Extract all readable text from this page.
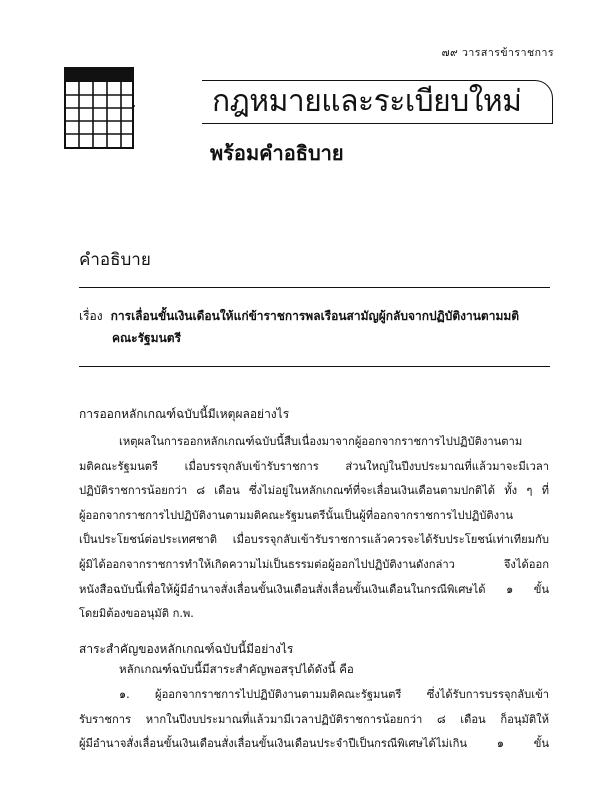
๗๙ วารสารข้าราชการ
กฎหมายและระเบียบใหม่
พร้อมคำอธิบาย
คำอธิบาย
เรื่อง การเลื่อนขั้นเงินเดือนให้แก่ข้าราชการพลเรือนสามัญผู้กลับจากปฏิบัติงานตามมติ
คณะรัฐมนตรี
การออกหลักเกณฑ์ฉบับนี้มีเหตุผลอย่างไร
เหตุผลในการออกหลักเกณฑ์ฉบับนี้สืบเนื่องมาจากผู้ออกจากราชการไปปฏิบัติงานตาม
มติคณะรัฐมนตรี เมื่อบรรจุกลับเข้ารับราชการ ส่วนใหญ่ในปีงบประมาณที่แล้วมาจะมีเวลา
ปฏิบัติราชการน้อยกว่า ๘ เดือน ซึ่งไม่อยู่ในหลักเกณฑ์ที่จะเลื่อนเงินเดือนตามปกติได้ ทั้ง ๆ ที่
ผู้ออกจากราชการไปปฏิบัติงานตามมติคณะรัฐมนตรีนั้นเป็นผู้ที่ออกจากราชการไปปฏิบัติงาน
เป็นประโยชน์ต่อประเทศชาติ เมื่อบรรจุกลับเข้ารับราชการแล้วควรจะได้รับประโยชน์เท่าเทียมกับ
ผู้มิได้ออกจากราชการทำให้เกิดความไม่เป็นธรรมต่อผู้ออกไปปฏิบัติงานดังกล่าว จึงได้ออก
หนังสือฉบับนี้เพื่อให้ผู้มีอำนาจสั่งเลื่อนขั้นเงินเดือนสั่งเลื่อนขั้นเงินเดือนในกรณีพิเศษได้ ๑ ขั้น
โดยมิต้องขออนุมัติ ก.พ.
สาระสำคัญของหลักเกณฑ์ฉบับนี้มีอย่างไร
หลักเกณฑ์ฉบับนี้มีสาระสำคัญพอสรุปได้ดังนี้ คือ
๑. ผู้ออกจากราชการไปปฏิบัติงานตามมติคณะรัฐมนตรี ซึ่งได้รับการบรรจุกลับเข้า
รับราชการ หากในปีงบประมาณที่แล้วมามีเวลาปฏิบัติราชการน้อยกว่า ๘ เดือน ก็อนุมัติให้
ผู้มีอำนาจสั่งเลื่อนขั้นเงินเดือนสั่งเลื่อนขั้นเงินเดือนประจำปีเป็นกรณีพิเศษได้ไม่เกิน ๑ ขั้น
